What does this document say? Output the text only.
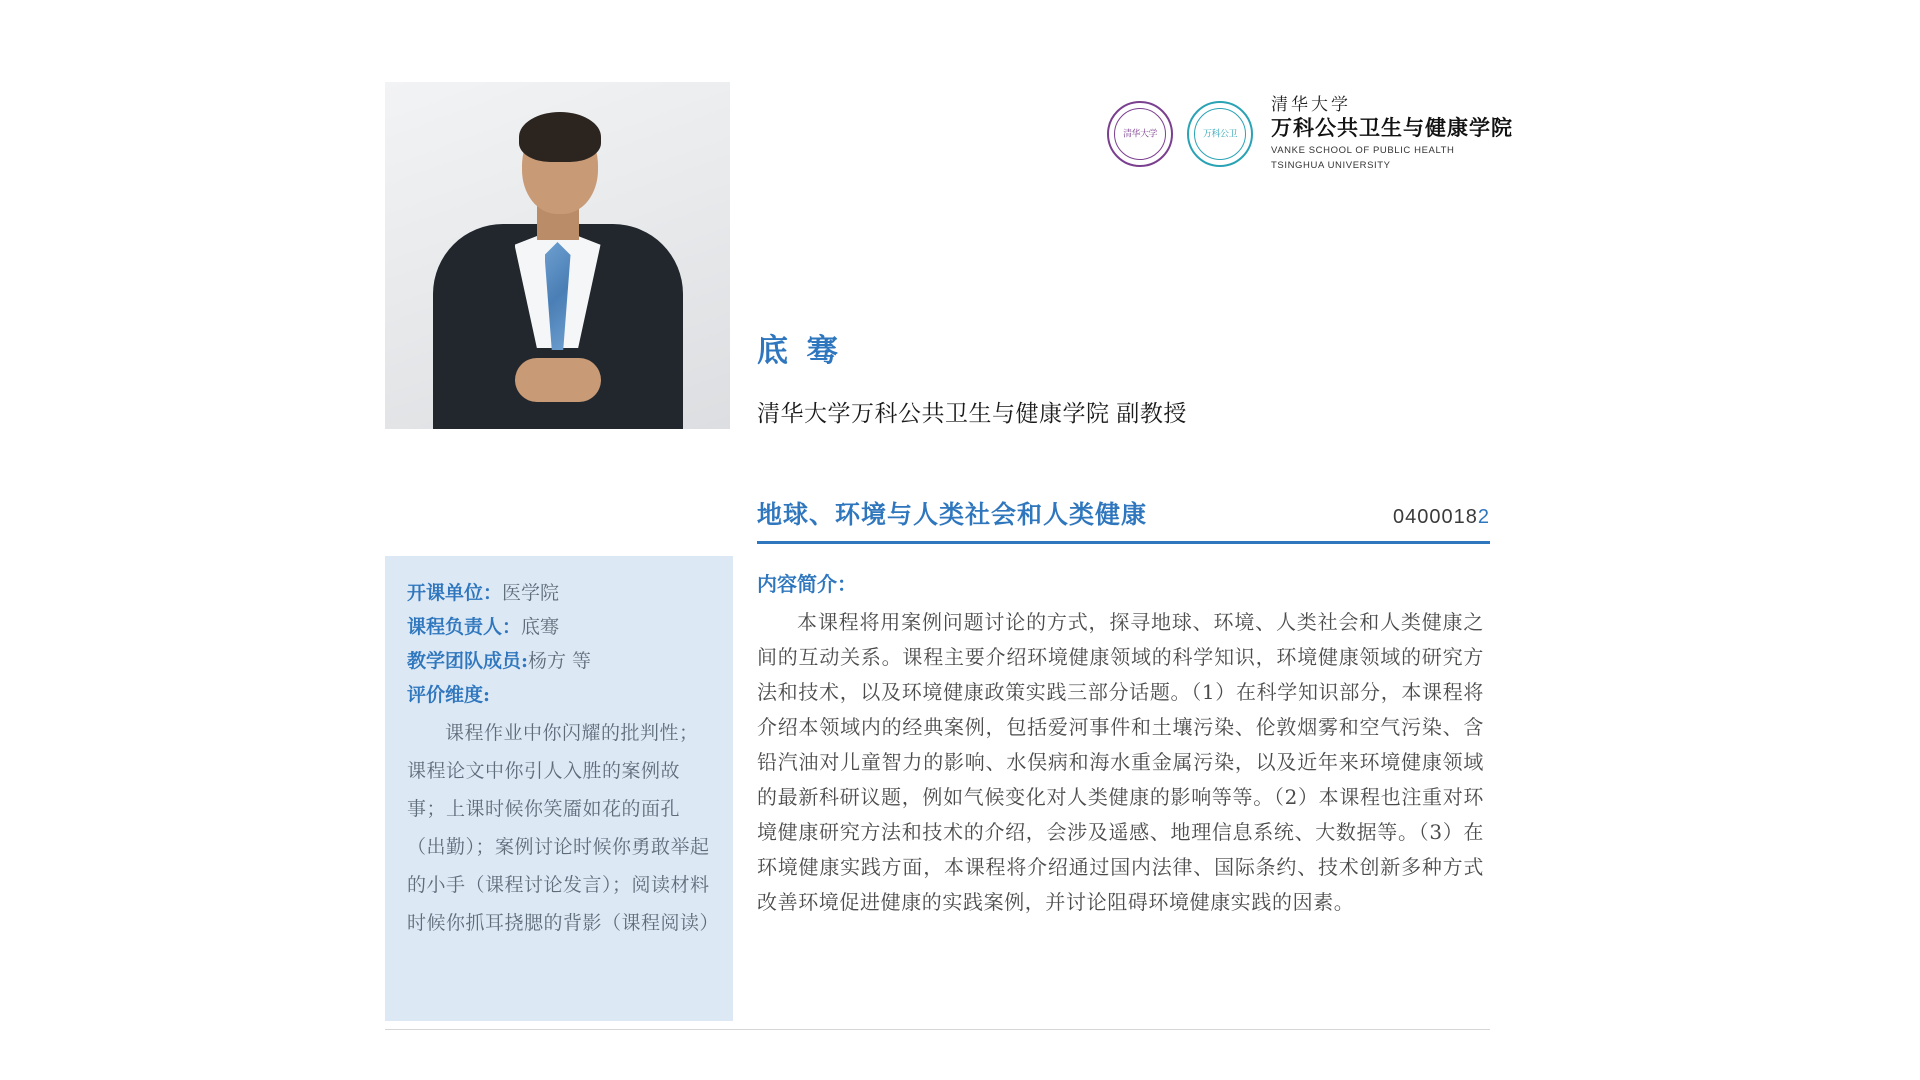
清华大学	万科公卫
清华大学
万科公共卫生与健康学院
VANKE SCHOOL OF PUBLIC HEALTH
TSINGHUA UNIVERSITY
底 骞
清华大学万科公共卫生与健康学院 副教授
地球、环境与人类社会和人类健康	04000182
开课单位：医学院
课程负责人：底骞
教学团队成员:杨方 等
评价维度:
课程作业中你闪耀的批判性；课程论文中你引人入胜的案例故事；上课时候你笑靥如花的面孔（出勤）；案例讨论时候你勇敢举起的小手（课程讨论发言）；阅读材料时候你抓耳挠腮的背影（课程阅读）
内容简介：
本课程将用案例问题讨论的方式，探寻地球、环境、人类社会和人类健康之间的互动关系。课程主要介绍环境健康领域的科学知识，环境健康领域的研究方法和技术，以及环境健康政策实践三部分话题。（1）在科学知识部分，本课程将介绍本领域内的经典案例，包括爱河事件和土壤污染、伦敦烟雾和空气污染、含铅汽油对儿童智力的影响、水俣病和海水重金属污染，以及近年来环境健康领域的最新科研议题，例如气候变化对人类健康的影响等等。（2）本课程也注重对环境健康研究方法和技术的介绍，会涉及遥感、地理信息系统、大数据等。（3）在环境健康实践方面，本课程将介绍通过国内法律、国际条约、技术创新多种方式改善环境促进健康的实践案例，并讨论阻碍环境健康实践的因素。
